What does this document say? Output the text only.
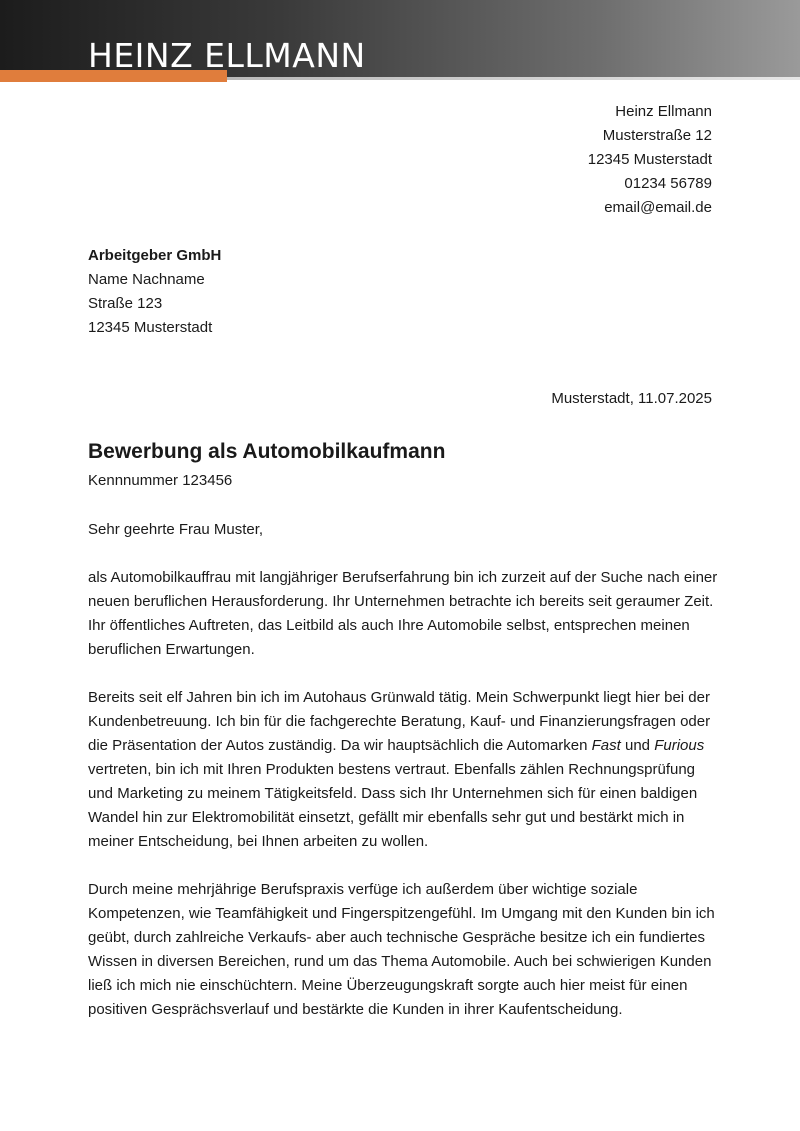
HEINZ ELLMANN
Heinz Ellmann
Musterstraße 12
12345 Musterstadt
01234 56789
email@email.de
Arbeitgeber GmbH
Name Nachname
Straße 123
12345 Musterstadt
Musterstadt, 11.07.2025
Bewerbung als Automobilkaufmann
Kennnummer 123456
Sehr geehrte Frau Muster,

als Automobilkauffrau mit langjähriger Berufserfahrung bin ich zurzeit auf der Suche nach einer neuen beruflichen Herausforderung. Ihr Unternehmen betrachte ich bereits seit geraumer Zeit. Ihr öffentliches Auftreten, das Leitbild als auch Ihre Automobile selbst, entsprechen meinen beruflichen Erwartungen.

Bereits seit elf Jahren bin ich im Autohaus Grünwald tätig. Mein Schwerpunkt liegt hier bei der Kundenbetreuung. Ich bin für die fachgerechte Beratung, Kauf- und Finanzierungsfragen oder die Präsentation der Autos zuständig. Da wir hauptsächlich die Automarken Fast und Furious vertreten, bin ich mit Ihren Produkten bestens vertraut. Ebenfalls zählen Rechnungsprüfung und Marketing zu meinem Tätigkeitsfeld. Dass sich Ihr Unternehmen sich für einen baldigen Wandel hin zur Elektromobilität einsetzt, gefällt mir ebenfalls sehr gut und bestärkt mich in meiner Entscheidung, bei Ihnen arbeiten zu wollen.

Durch meine mehrjährige Berufspraxis verfüge ich außerdem über wichtige soziale Kompetenzen, wie Teamfähigkeit und Fingerspitzengefühl. Im Umgang mit den Kunden bin ich geübt, durch zahlreiche Verkaufs- aber auch technische Gespräche besitze ich ein fundiertes Wissen in diversen Bereichen, rund um das Thema Automobile. Auch bei schwierigen Kunden ließ ich mich nie einschüchtern. Meine Überzeugungskraft sorgte auch hier meist für einen positiven Gesprächsverlauf und bestärkte die Kunden in ihrer Kaufentscheidung.
